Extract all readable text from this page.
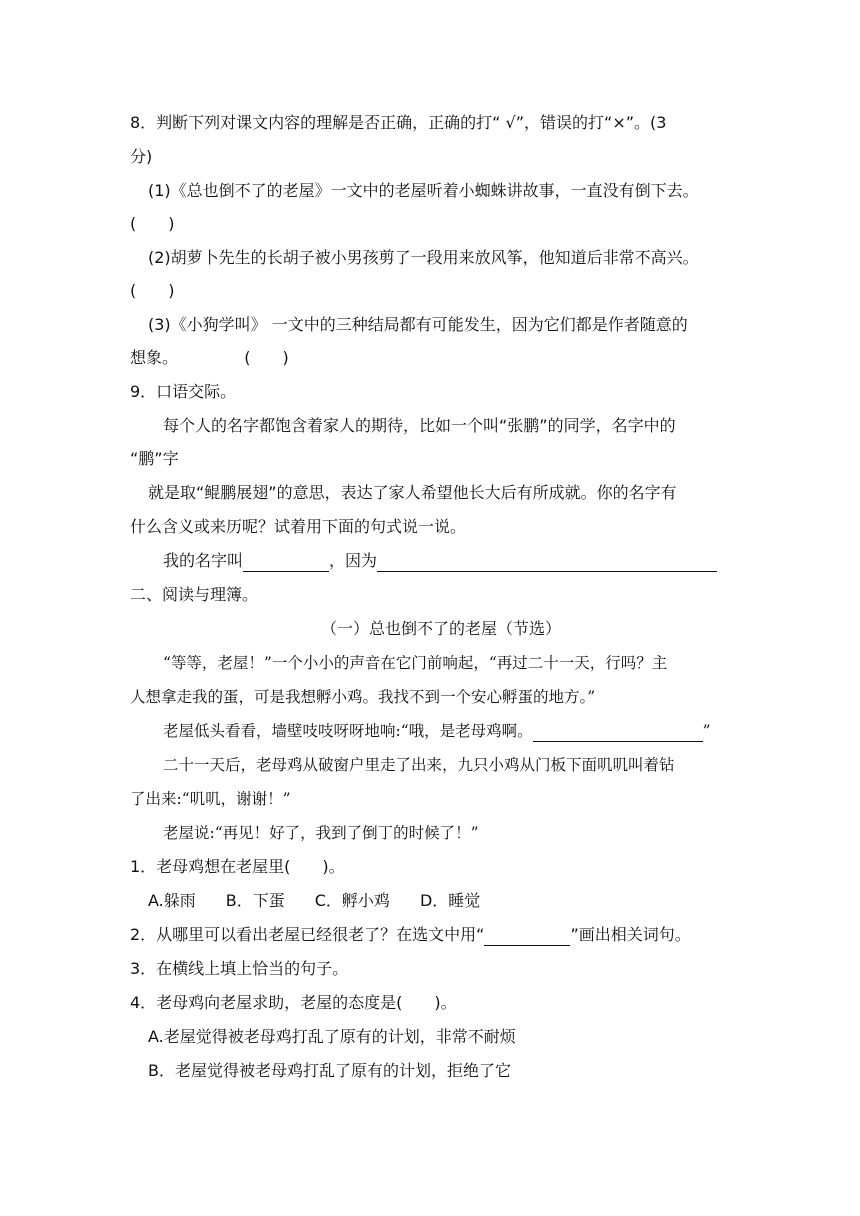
8．判断下列对课文内容的理解是否正确，正确的打“ √”，错误的打“×”。(3
分)
(1)《总也倒不了的老屋》一文中的老屋听着小蜘蛛讲故事，一直没有倒下去。
(　　)
(2)胡萝卜先生的长胡子被小男孩剪了一段用来放风筝，他知道后非常不高兴。
(　　)
(3)《小狗学叫》 一文中的三种结局都有可能发生，因为它们都是作者随意的
想象。	(　　)
9．口语交际。
每个人的名字都饱含着家人的期待，比如一个叫“张鹏”的同学，名字中的
“鹏”字
就是取“鲲鹏展翅”的意思，表达了家人希望他长大后有所成就。你的名字有
什么含义或来历呢？试着用下面的句式说一说。
我的名字叫	，因为
二、阅读与理簿。
（一）总也倒不了的老屋（节选）
“等等，老屋！”一个小小的声音在它门前响起，“再过二十一天，行吗？主
人想拿走我的蛋，可是我想孵小鸡。我找不到一个安心孵蛋的地方。”
老屋低头看看，墙壁吱吱呀呀地响:“哦，是老母鸡啊。	”
二十一天后，老母鸡从破窗户里走了出来，九只小鸡从门板下面叽叽叫着钻
了出来:“叽叽，谢谢！”
老屋说:“再见！好了，我到了倒丁的时候了！”
1．老母鸡想在老屋里(　　)。
A.躲雨 B．下蛋 C．孵小鸡 D．睡觉
2．从哪里可以看出老屋已经很老了？在选文中用“	”画出相关词句。
3．在横线上填上恰当的句子。
4．老母鸡向老屋求助，老屋的态度是(　　)。
A.老屋觉得被老母鸡打乱了原有的计划，非常不耐烦
B．老屋觉得被老母鸡打乱了原有的计划，拒绝了它
